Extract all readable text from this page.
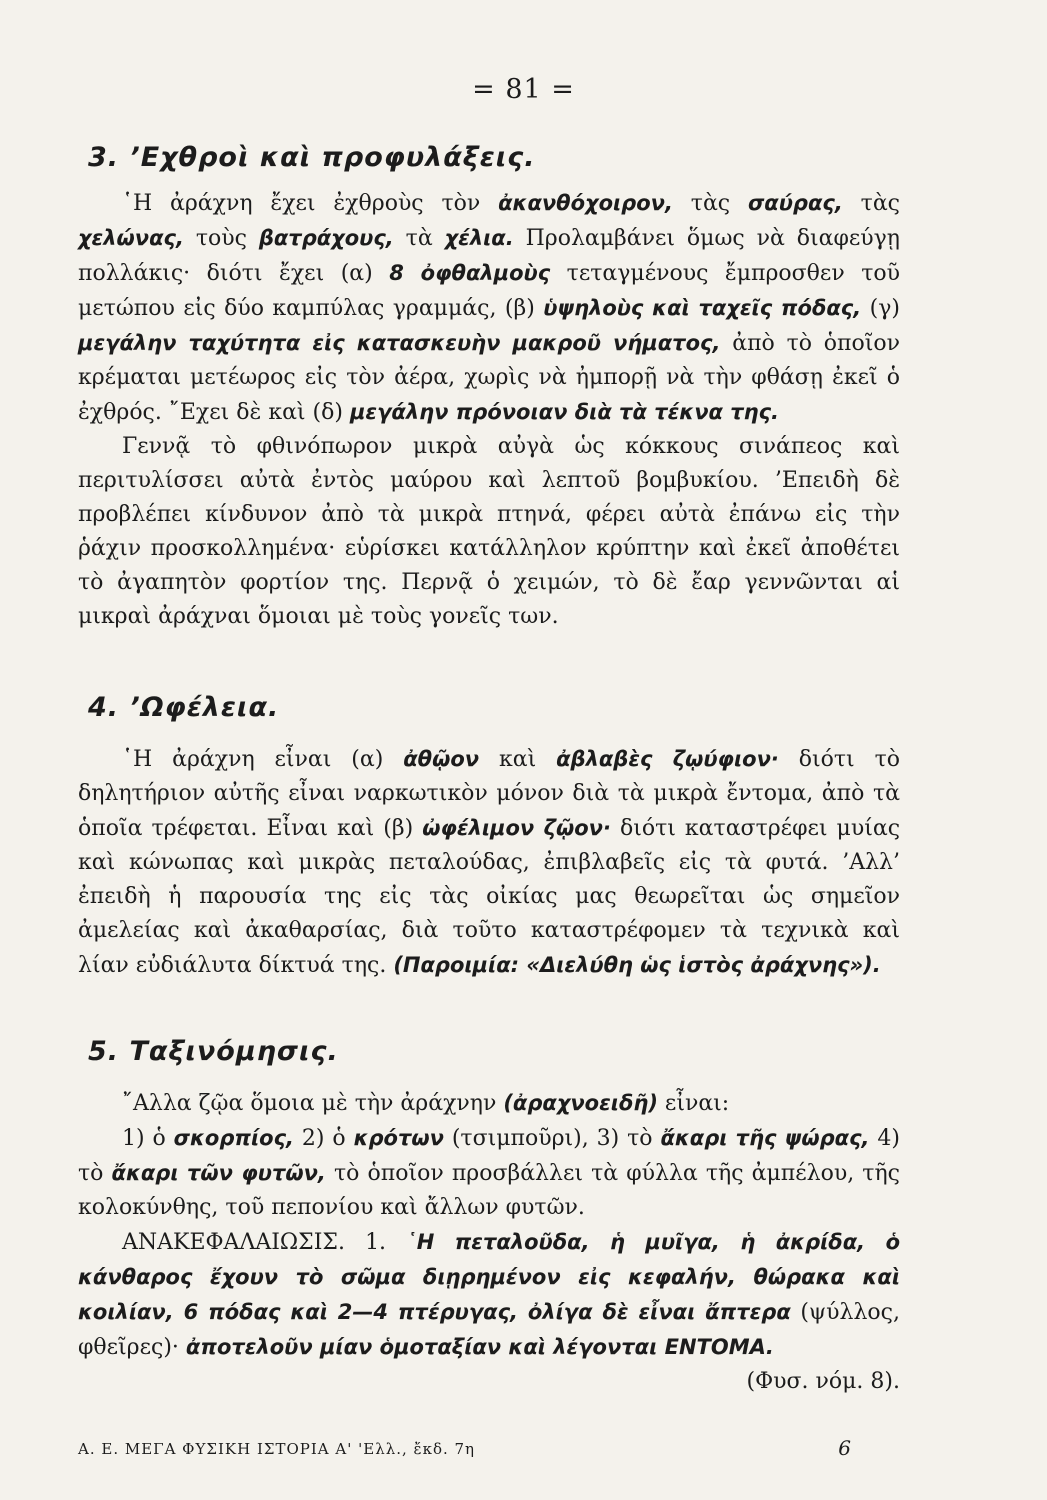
= 81 =
3. ’Εχθροὶ καὶ προφυλάξεις.

῾Η ἀράχνη ἔχει ἐχθροὺς τὸν ἀκανθόχοιρον, τὰς σαύρας, τὰς χελώνας, τοὺς βατράχους, τὰ χέλια. Προλαμβάνει ὅμως νὰ διαφεύγῃ πολλάκις· διότι ἔχει (α) 8 ὀφθαλμοὺς τεταγμένους ἔμπροσθεν τοῦ μετώπου εἰς δύο καμπύλας γραμμάς, (β) ὑψηλοὺς καὶ ταχεῖς πόδας, (γ) μεγάλην ταχύτητα εἰς κατασκευὴν μακροῦ νήματος, ἀπὸ τὸ ὁποῖον κρέμαται μετέωρος εἰς τὸν ἀέρα, χωρὶς νὰ ἠμπορῇ νὰ τὴν φθάσῃ ἐκεῖ ὁ ἐχθρός. ῎Εχει δὲ καὶ (δ) μεγάλην πρόνοιαν διὰ τὰ τέκνα της.

Γεννᾷ τὸ φθινόπωρον μικρὰ αὐγὰ ὡς κόκκους σινάπεος καὶ περιτυλίσσει αὐτὰ ἐντὸς μαύρου καὶ λεπτοῦ βομβυκίου. ’Επειδὴ δὲ προβλέπει κίνδυνον ἀπὸ τὰ μικρὰ πτηνά, φέρει αὐτὰ ἐπάνω εἰς τὴν ῥάχιν προσκολλημένα· εὑρίσκει κατάλληλον κρύπτην καὶ ἐκεῖ ἀποθέτει τὸ ἀγαπητὸν φορτίον της. Περνᾷ ὁ χειμών, τὸ δὲ ἔαρ γεννῶνται αἱ μικραὶ ἀράχναι ὅμοιαι μὲ τοὺς γονεῖς των.

4. ’Ωφέλεια.

῾Η ἀράχνη εἶναι (α) ἀθῷον καὶ ἀβλαβὲς ζῳύφιον· διότι τὸ δηλητήριον αὐτῆς εἶναι ναρκωτικὸν μόνον διὰ τὰ μικρὰ ἔντομα, ἀπὸ τὰ ὁποῖα τρέφεται. Εἶναι καὶ (β) ὠφέλιμον ζῷον· διότι καταστρέφει μυίας καὶ κώνωπας καὶ μικρὰς πεταλούδας, ἐπιβλαβεῖς εἰς τὰ φυτά. ’Αλλ’ ἐπειδὴ ἡ παρουσία της εἰς τὰς οἰκίας μας θεωρεῖται ὡς σημεῖον ἀμελείας καὶ ἀκαθαρσίας, διὰ τοῦτο καταστρέφομεν τὰ τεχνικὰ καὶ λίαν εὐδιάλυτα δίκτυά της. (Παροιμία: «Διελύθη ὡς ἱστὸς ἀράχνης»).

5. Ταξινόμησις.

῎Αλλα ζῷα ὅμοια μὲ τὴν ἀράχνην (ἀραχνοειδῆ) εἶναι:

1) ὁ σκορπίος, 2) ὁ κρότων (τσιμποῦρι), 3) τὸ ἄκαρι τῆς ψώρας, 4) τὸ ἄκαρι τῶν φυτῶν, τὸ ὁποῖον προσβάλλει τὰ φύλλα τῆς ἀμπέλου, τῆς κολοκύνθης, τοῦ πεπονίου καὶ ἄλλων φυτῶν.

ΑΝΑΚΕΦΑΛΑΙΩΣΙΣ. 1. ῾Η πεταλοῦδα, ἡ μυῖγα, ἡ ἀκρίδα, ὁ κάνθαρος ἔχουν τὸ σῶμα διῃρημένον εἰς κεφαλήν, θώρακα καὶ κοιλίαν, 6 πόδας καὶ 2—4 πτέρυγας, ὀλίγα δὲ εἶναι ἄπτερα (ψύλλος, φθεῖρες)· ἀποτελοῦν μίαν ὁμοταξίαν καὶ λέγονται ΕΝΤΟΜΑ.
(Φυσ. νόμ. 8).

Α. Ε. ΜΕΓΑ ΦΥΣΙΚΗ ΙΣΤΟΡΙΑ Α' 'Ελλ., ἔκδ. 7η	6
